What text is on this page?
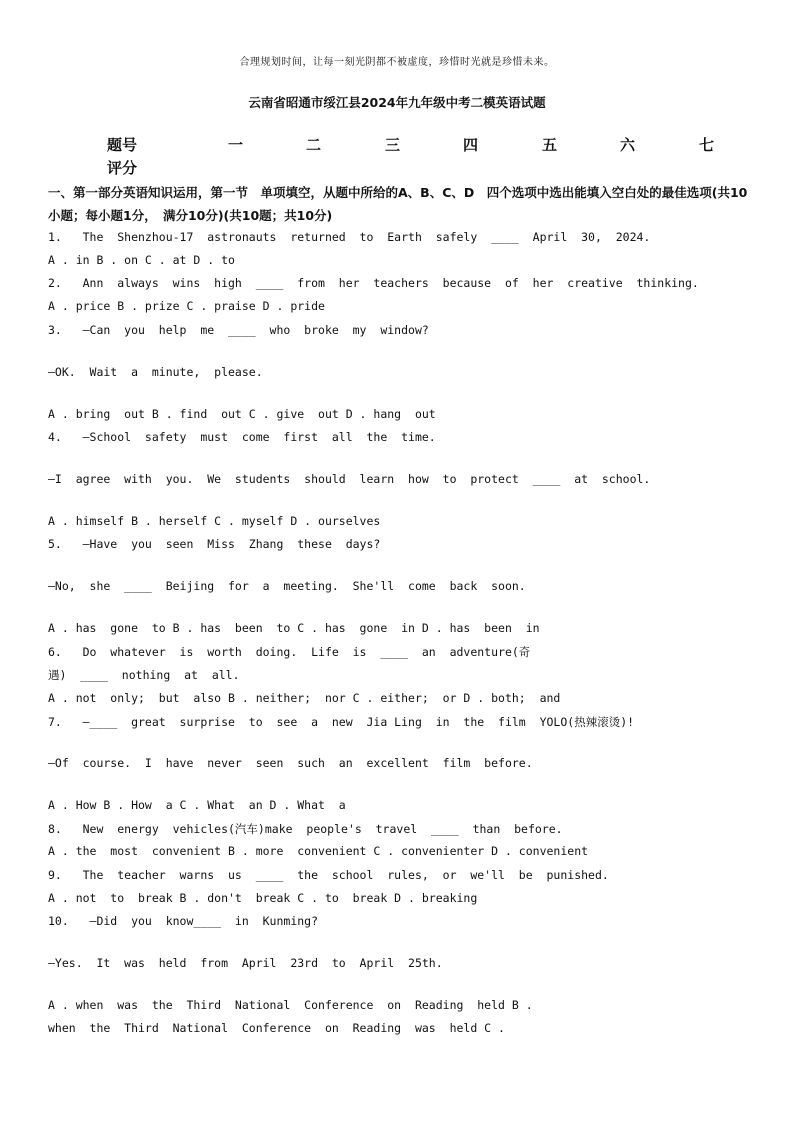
合理规划时间，让每一刻光阴都不被虚度，珍惜时光就是珍惜未来。
云南省昭通市绥江县2024年九年级中考二模英语试题
题号	一	二	三	四	五	六	七
评分
一、第一部分英语知识运用，第一节　单项填空，从题中所给的A、B、C、D　四个选项中选出能填入空白处的最佳选项(共10小题；每小题1分，　满分10分)(共10题；共10分)
1.   The  Shenzhou-17  astronauts  returned  to  Earth  safely  ____  April  30,  2024.
A . in B . on C . at D . to
2.   Ann  always  wins  high  ____  from  her  teachers  because  of  her  creative  thinking.
A . price B . prize C . praise D . pride
3.   —Can  you  help  me  ____  who  broke  my  window?
—OK.  Wait  a  minute,  please.
A . bring  out B . find  out C . give  out D . hang  out
4.   —School  safety  must  come  first  all  the  time.
—I  agree  with  you.  We  students  should  learn  how  to  protect  ____  at  school.
A . himself B . herself C . myself D . ourselves
5.   —Have  you  seen  Miss  Zhang  these  days?
—No,  she  ____  Beijing  for  a  meeting.  She'll  come  back  soon.
A . has  gone  to B . has  been  to C . has  gone  in D . has  been  in
6.   Do  whatever  is  worth  doing.  Life  is  ____  an  adventure(奇
遇)  ____  nothing  at  all.
A . not  only;  but  also B . neither;  nor C . either;  or D . both;  and
7.   —____  great  surprise  to  see  a  new  Jia Ling  in  the  film  YOLO(热辣滚烫)!
—Of  course.  I  have  never  seen  such  an  excellent  film  before.
A . How B . How  a C . What  an D . What  a
8.   New  energy  vehicles(汽车)make  people's  travel  ____  than  before.
A . the  most  convenient B . more  convenient C . convenienter D . convenient
9.   The  teacher  warns  us  ____  the  school  rules,  or  we'll  be  punished.
A . not  to  break B . don't  break C . to  break D . breaking
10.   —Did  you  know____  in  Kunming?
—Yes.  It  was  held  from  April  23rd  to  April  25th.
A . when  was  the  Third  National  Conference  on  Reading  held B .
when  the  Third  National  Conference  on  Reading  was  held C .
